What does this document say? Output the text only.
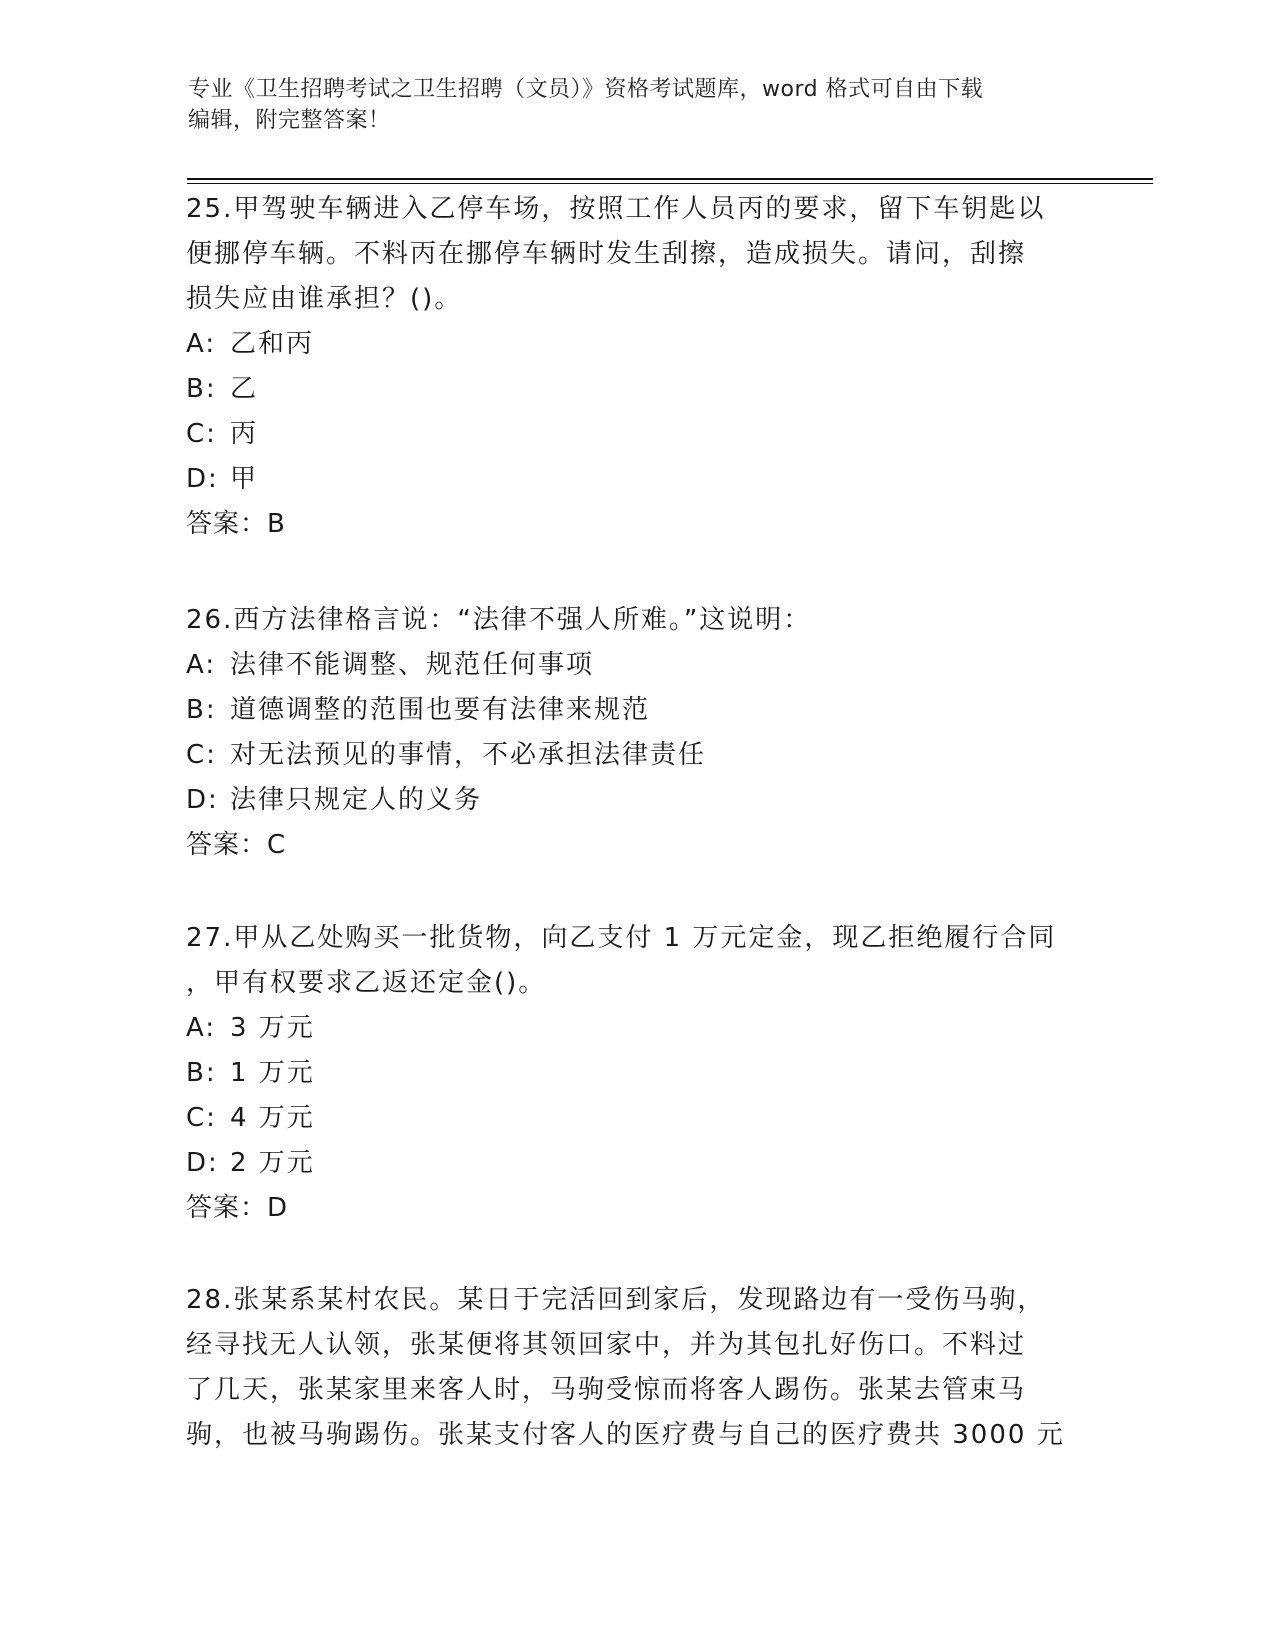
专业《卫生招聘考试之卫生招聘（文员）》资格考试题库，word 格式可自由下载
编辑，附完整答案！

25.甲驾驶车辆进入乙停车场，按照工作人员丙的要求，留下车钥匙以

便挪停车辆。不料丙在挪停车辆时发生刮擦，造成损失。请问，刮擦

损失应由谁承担？()。

A: 乙和丙

B: 乙

C: 丙

D: 甲

答案：B

26.西方法律格言说：“法律不强人所难。”这说明：

A: 法律不能调整、规范任何事项

B: 道德调整的范围也要有法律来规范

C: 对无法预见的事情，不必承担法律责任

D: 法律只规定人的义务

答案：C

27.甲从乙处购买一批货物，向乙支付 1 万元定金，现乙拒绝履行合同

，甲有权要求乙返还定金()。

A: 3 万元

B: 1 万元

C: 4 万元

D: 2 万元

答案：D

28.张某系某村农民。某日于完活回到家后，发现路边有一受伤马驹，

经寻找无人认领，张某便将其领回家中，并为其包扎好伤口。不料过

了几天，张某家里来客人时，马驹受惊而将客人踢伤。张某去管束马

驹，也被马驹踢伤。张某支付客人的医疗费与自己的医疗费共 3000 元
